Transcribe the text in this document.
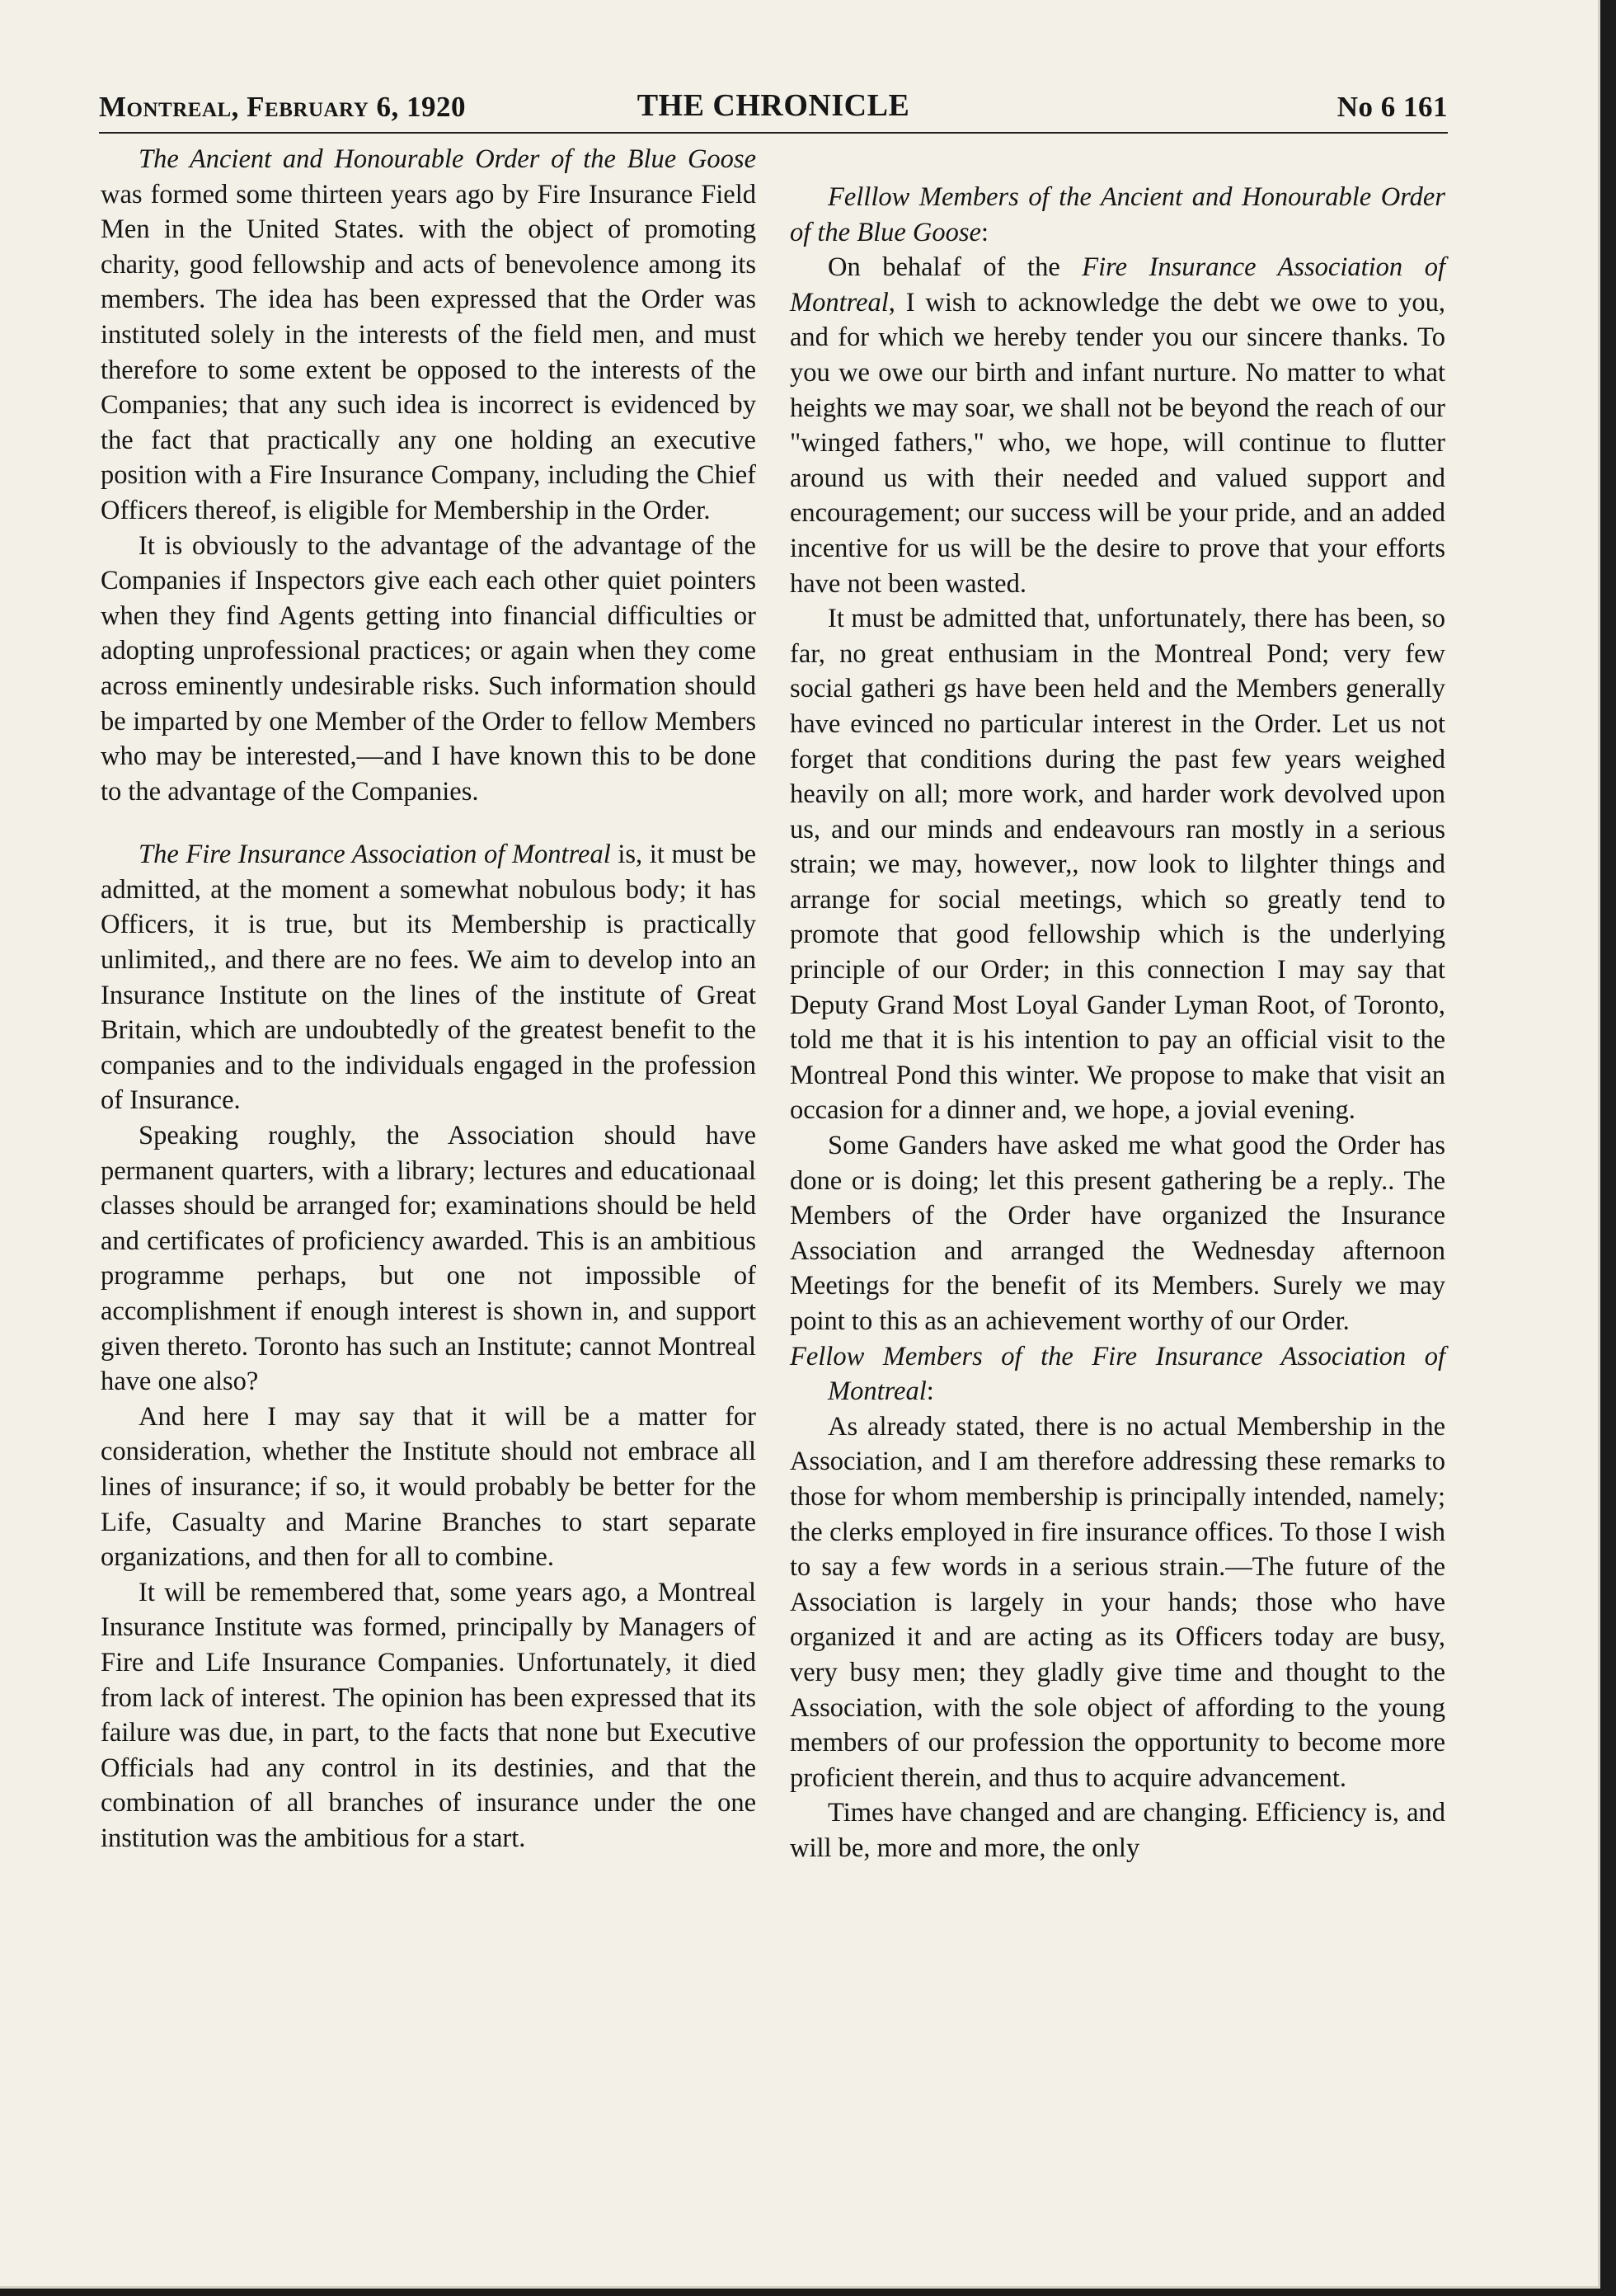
Montreal, February 6, 1920	THE CHRONICLE	No 6 161

The Ancient and Honourable Order of the Blue Goose was formed some thirteen years ago by Fire Insurance Field Men in the United States. with the object of promoting charity, good fellowship and acts of benevolence among its members. The idea has been expressed that the Order was instituted solely in the interests of the field men, and must therefore to some extent be opposed to the interests of the Companies; that any such idea is incorrect is evidenced by the fact that practically any one holding an executive position with a Fire Insurance Company, including the Chief Officers thereof, is eligible for Membership in the Order.

It is obviously to the advantage of the advantage of the Companies if Inspectors give each each other quiet pointers when they find Agents getting into financial difficulties or adopting unprofessional practices; or again when they come across eminently undesirable risks. Such information should be imparted by one Member of the Order to fellow Members who may be interested,—and I have known this to be done to the advantage of the Companies.

The Fire Insurance Association of Montreal is, it must be admitted, at the moment a somewhat nobulous body; it has Officers, it is true, but its Membership is practically unlimited,, and there are no fees. We aim to develop into an Insurance Institute on the lines of the institute of Great Britain, which are undoubtedly of the greatest benefit to the companies and to the individuals engaged in the profession of Insurance.

Speaking roughly, the Association should have permanent quarters, with a library; lectures and educationaal classes should be arranged for; examinations should be held and certificates of proficiency awarded. This is an ambitious programme perhaps, but one not impossible of accomplishment if enough interest is shown in, and support given thereto. Toronto has such an Institute; cannot Montreal have one also?

And here I may say that it will be a matter for consideration, whether the Institute should not embrace all lines of insurance; if so, it would probably be better for the Life, Casualty and Marine Branches to start separate organizations, and then for all to combine.

It will be remembered that, some years ago, a Montreal Insurance Institute was formed, principally by Managers of Fire and Life Insurance Companies. Unfortunately, it died from lack of interest. The opinion has been expressed that its failure was due, in part, to the facts that none but Executive Officials had any control in its destinies, and that the combination of all branches of insurance under the one institution was the ambitious for a start.

Felllow Members of the Ancient and Honourable Order of the Blue Goose:

On behalaf of the Fire Insurance Association of Montreal, I wish to acknowledge the debt we owe to you, and for which we hereby tender you our sincere thanks. To you we owe our birth and infant nurture. No matter to what heights we may soar, we shall not be beyond the reach of our "winged fathers," who, we hope, will continue to flutter around us with their needed and valued support and encouragement; our success will be your pride, and an added incentive for us will be the desire to prove that your efforts have not been wasted.

It must be admitted that, unfortunately, there has been, so far, no great enthusiam in the Montreal Pond; very few social gatheri gs have been held and the Members generally have evinced no particular interest in the Order. Let us not forget that conditions during the past few years weighed heavily on all; more work, and harder work devolved upon us, and our minds and endeavours ran mostly in a serious strain; we may, however,, now look to lilghter things and arrange for social meetings, which so greatly tend to promote that good fellowship which is the underlying principle of our Order; in this connection I may say that Deputy Grand Most Loyal Gander Lyman Root, of Toronto, told me that it is his intention to pay an official visit to the Montreal Pond this winter. We propose to make that visit an occasion for a dinner and, we hope, a jovial evening.

Some Ganders have asked me what good the Order has done or is doing; let this present gathering be a reply.. The Members of the Order have organized the Insurance Association and arranged the Wednesday afternoon Meetings for the benefit of its Members. Surely we may point to this as an achievement worthy of our Order.

Fellow Members of the Fire Insurance Association of Montreal:

As already stated, there is no actual Membership in the Association, and I am therefore addressing these remarks to those for whom membership is principally intended, namely; the clerks employed in fire insurance offices. To those I wish to say a few words in a serious strain.—The future of the Association is largely in your hands; those who have organized it and are acting as its Officers today are busy, very busy men; they gladly give time and thought to the Association, with the sole object of affording to the young members of our profession the opportunity to become more proficient therein, and thus to acquire advancement.

Times have changed and are changing. Efficiency is, and will be, more and more, the only
